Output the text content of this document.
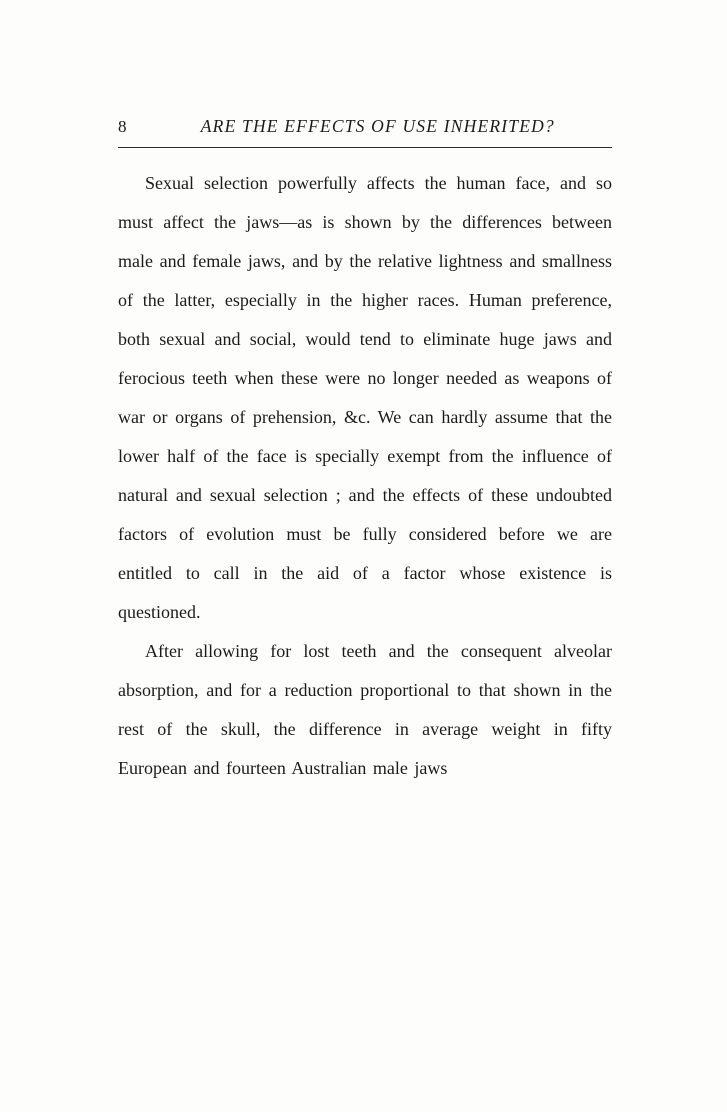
8	ARE THE EFFECTS OF USE INHERITED?

Sexual selection powerfully affects the human face, and so must affect the jaws—as is shown by the differences between male and female jaws, and by the relative lightness and smallness of the latter, especially in the higher races. Human preference, both sexual and social, would tend to eliminate huge jaws and ferocious teeth when these were no longer needed as weapons of war or organs of prehension, &c. We can hardly assume that the lower half of the face is specially exempt from the influence of natural and sexual selection ; and the effects of these undoubted factors of evolution must be fully considered before we are entitled to call in the aid of a factor whose existence is questioned.

After allowing for lost teeth and the consequent alveolar absorption, and for a reduction proportional to that shown in the rest of the skull, the difference in average weight in fifty European and fourteen Australian male jaws
